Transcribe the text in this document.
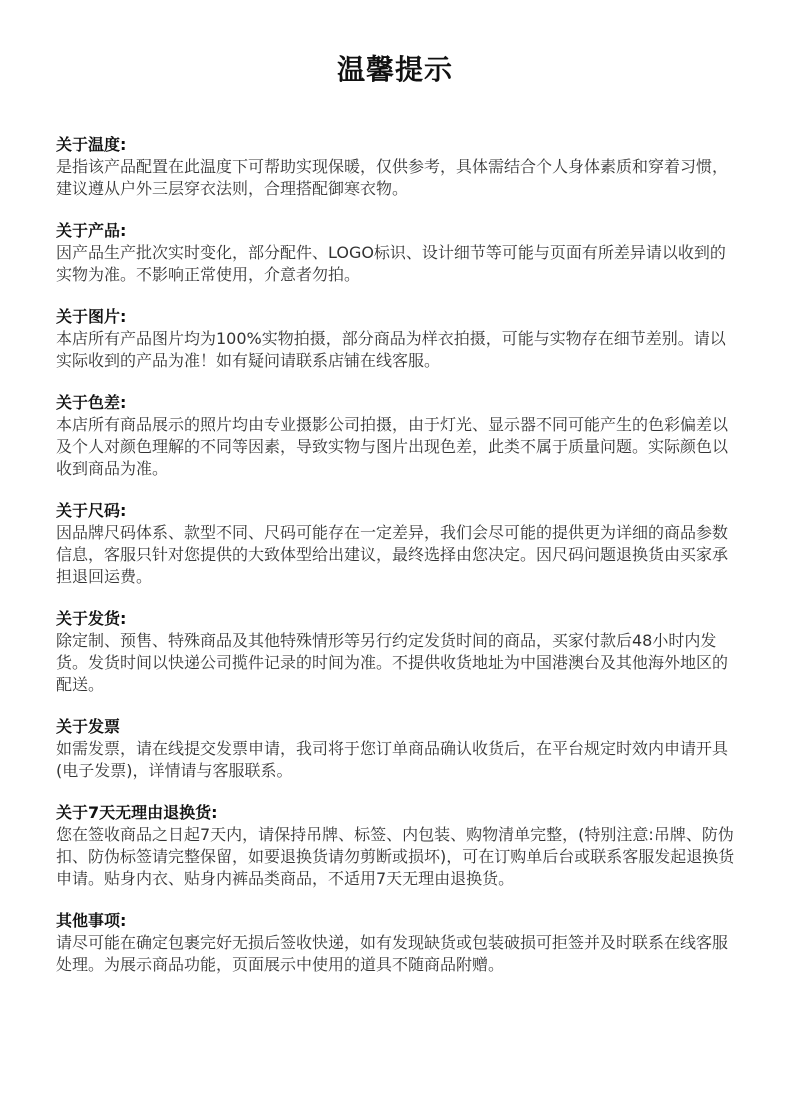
温馨提示

关于温度:

是指该产品配置在此温度下可帮助实现保暖，仅供参考，具体需结合个人身体素质和穿着习惯，建议遵从户外三层穿衣法则，合理搭配御寒衣物。

关于产品:

因产品生产批次实时变化，部分配件、LOGO标识、设计细节等可能与页面有所差异请以收到的实物为准。不影响正常使用，介意者勿拍。

关于图片:

本店所有产品图片均为100%实物拍摄，部分商品为样衣拍摄，可能与实物存在细节差别。请以实际收到的产品为准！如有疑问请联系店铺在线客服。

关于色差:

本店所有商品展示的照片均由专业摄影公司拍摄，由于灯光、显示器不同可能产生的色彩偏差以及个人对颜色理解的不同等因素，导致实物与图片出现色差，此类不属于质量问题。实际颜色以收到商品为准。

关于尺码:

因品牌尺码体系、款型不同、尺码可能存在一定差异，我们会尽可能的提供更为详细的商品参数信息，客服只针对您提供的大致体型给出建议，最终选择由您决定。因尺码问题退换货由买家承担退回运费。

关于发货:

除定制、预售、特殊商品及其他特殊情形等另行约定发货时间的商品，买家付款后48小时内发货。发货时间以快递公司揽件记录的时间为准。不提供收货地址为中国港澳台及其他海外地区的配送。

关于发票

如需发票，请在线提交发票申请，我司将于您订单商品确认收货后，在平台规定时效内申请开具(电子发票)，详情请与客服联系。

关于7天无理由退换货:

您在签收商品之日起7天内，请保持吊牌、标签、内包装、购物清单完整，(特别注意:吊牌、防伪扣、防伪标签请完整保留，如要退换货请勿剪断或损坏)，可在订购单后台或联系客服发起退换货申请。贴身内衣、贴身内裤品类商品，不适用7天无理由退换货。

其他事项:

请尽可能在确定包裹完好无损后签收快递，如有发现缺货或包装破损可拒签并及时联系在线客服处理。为展示商品功能，页面展示中使用的道具不随商品附赠。
